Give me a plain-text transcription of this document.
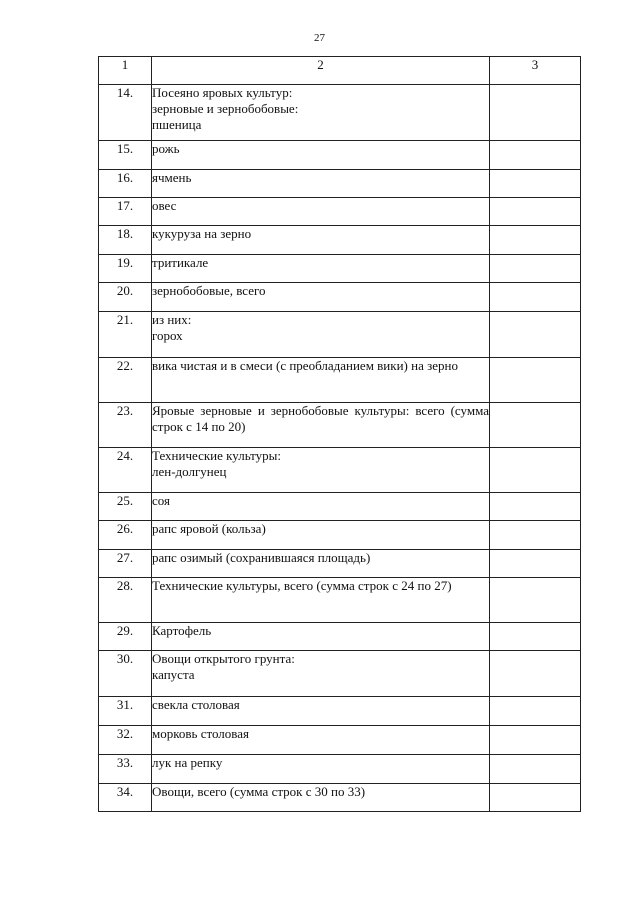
27
1	2	3
14.	Посеяно яровых культур:
зерновые и зернобобовые:
пшеница	

15.	рожь	

16.	ячмень	

17.	овес	

18.	кукуруза на зерно	

19.	тритикале	

20.	зернобобовые, всего	

21.	из них:
горох	

22.	вика чистая и в смеси (с преобладанием вики) на зерно	

23.	Яровые зерновые и зернобобовые культуры: всего (сумма строк с 14 по 20)	

24.	Технические культуры:
лен-долгунец	

25.	соя	

26.	рапс яровой (кольза)	

27.	рапс озимый (сохранившаяся площадь)	

28.	Технические культуры, всего (сумма строк с 24 по 27)	

29.	Картофель	

30.	Овощи открытого грунта:
капуста	

31.	свекла столовая	

32.	морковь столовая	

33.	лук на репку	

34.	Овощи, всего (сумма строк с 30 по 33)	
